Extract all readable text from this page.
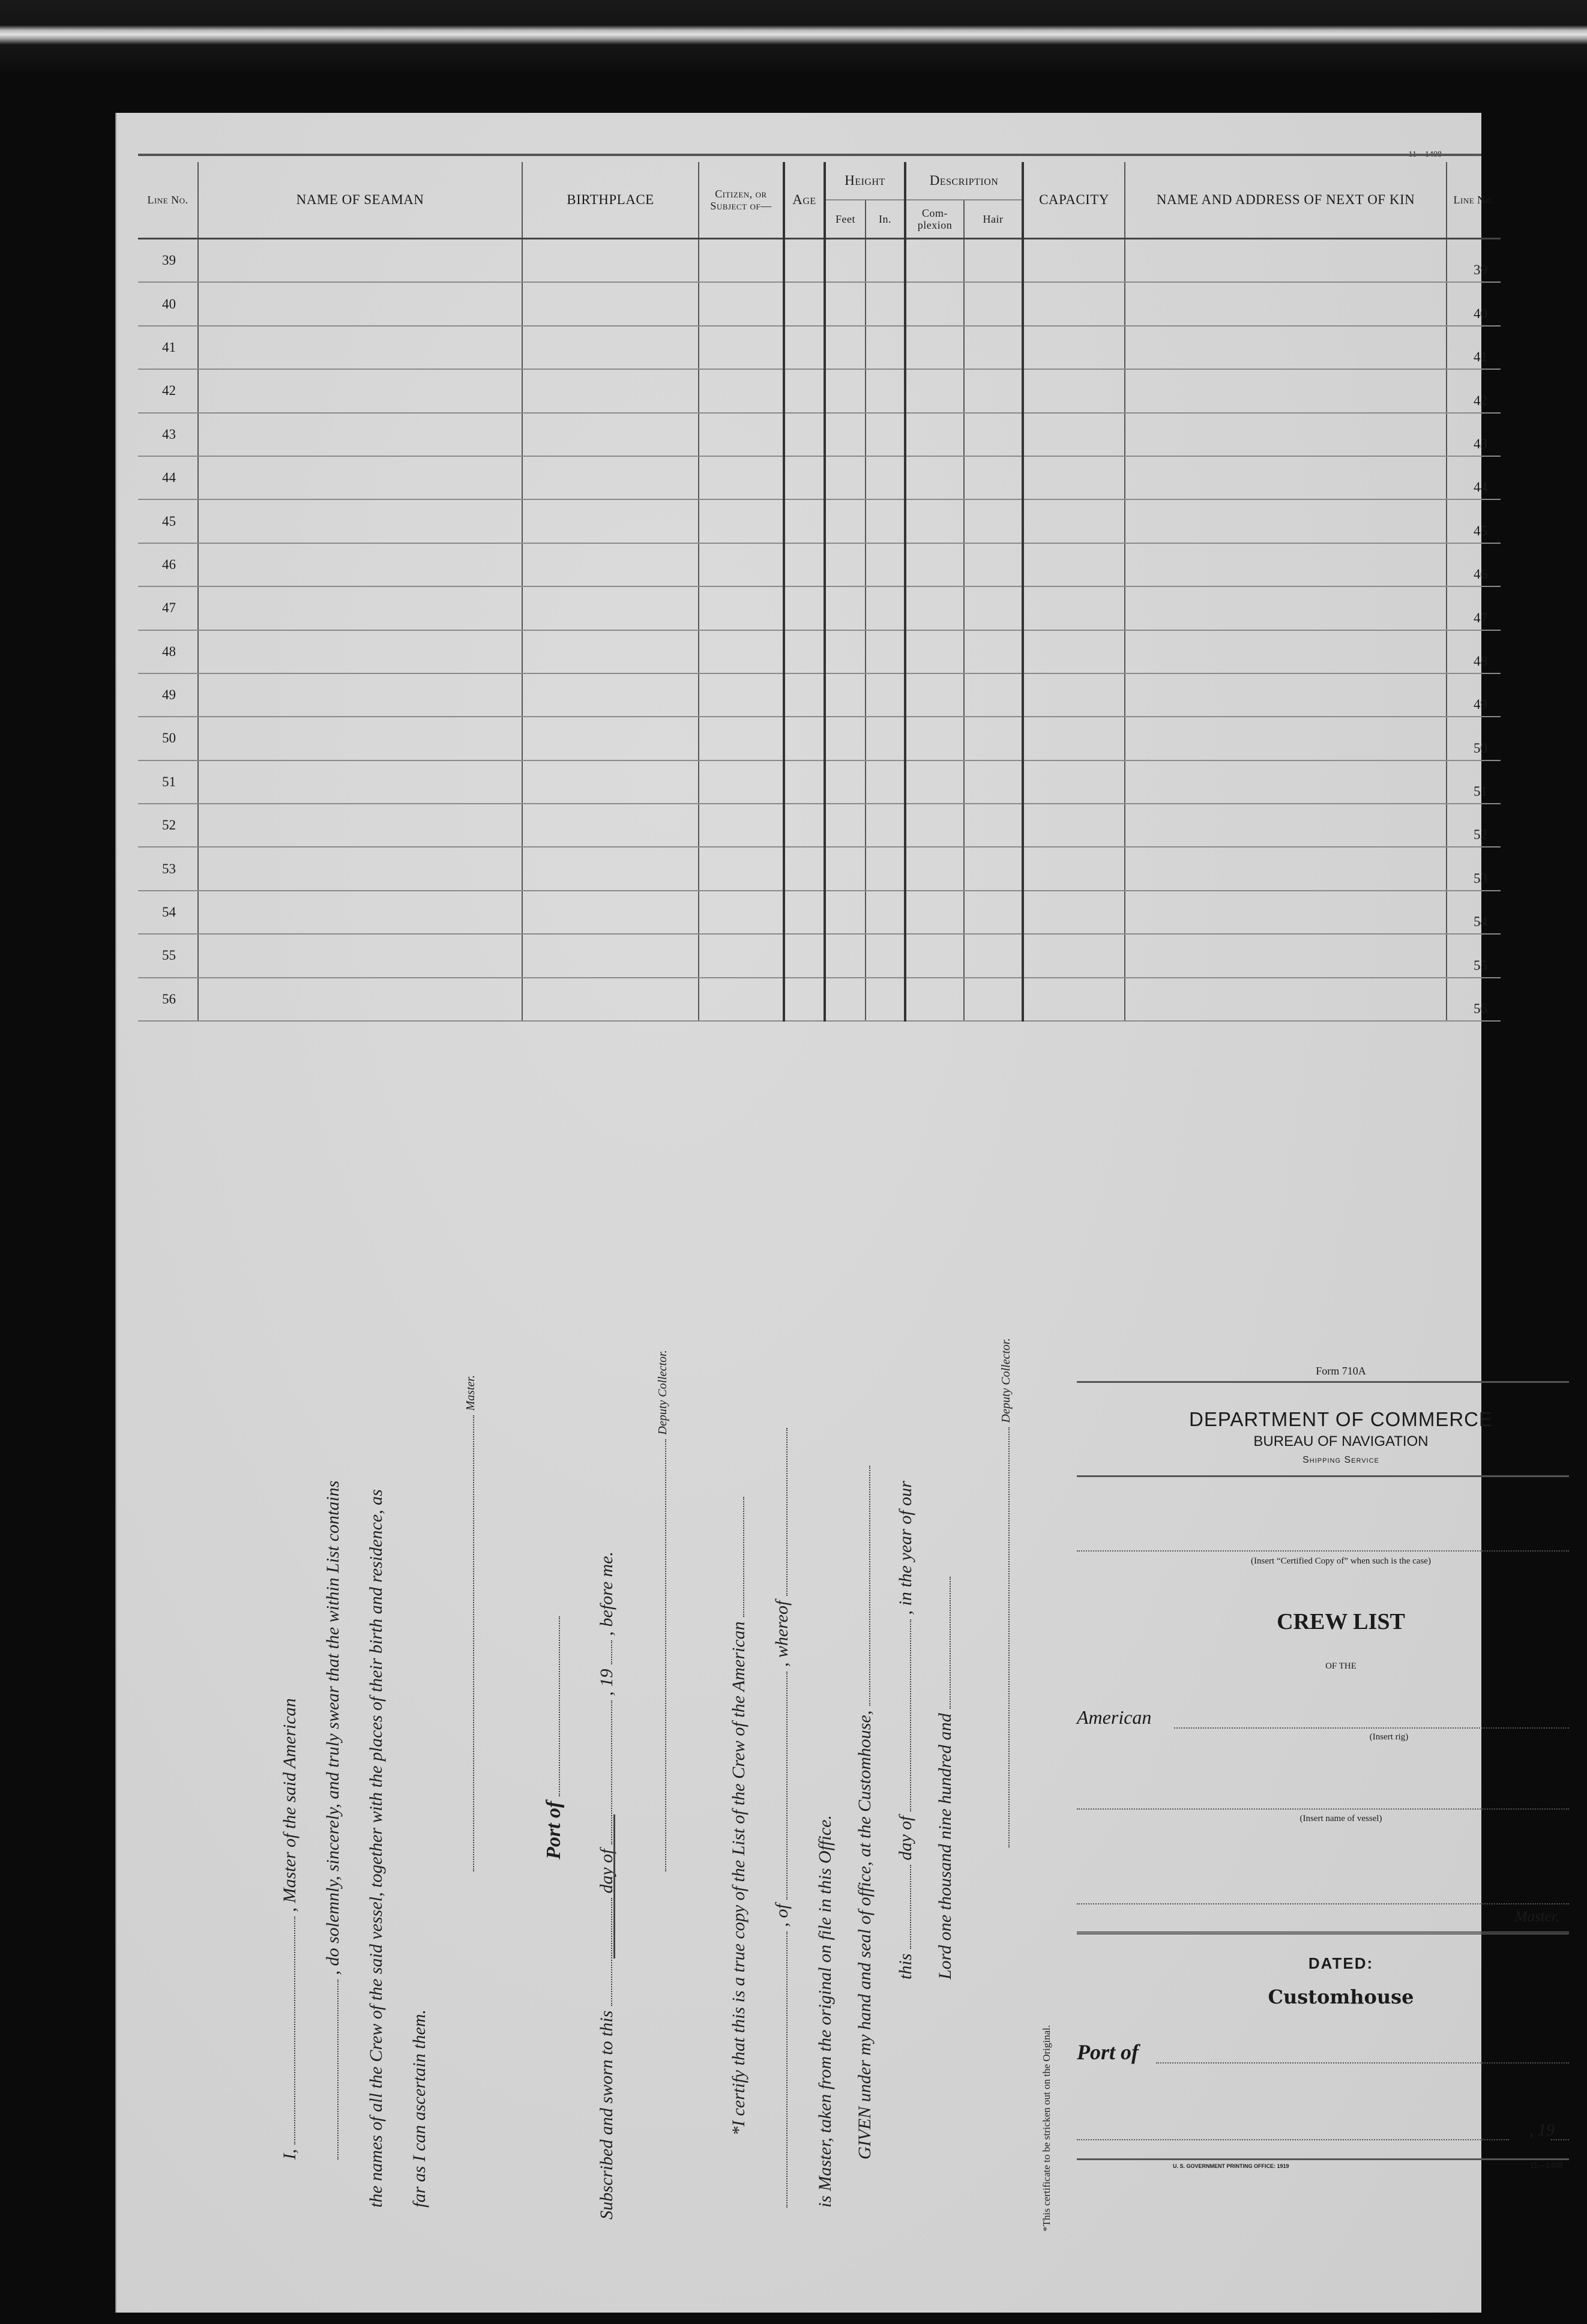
11—1408
Line No.	NAME OF SEAMAN	BIRTHPLACE	Citizen, or Subject of—	Age	Height		Description		CAPACITY	NAME AND ADDRESS OF NEXT OF KIN	Line No.
					Feet	In.	Com-plexion	Hair			
39											39
40											40
41											41
42											42
43											43
44											44
45											45
46											46
47											47
48											48
49											49
50											50
51											51
52											52
53											53
54											54
55											55
56											56
I,  , Master of the said American , do solemnly, sincerely, and truly swear that the within List contains the names of all the Crew of the said vessel, together with the places of their birth and residence, as far as I can ascertain them.
Master.
Port of
Subscribed and sworn to this  day of  , 19  , before me.
Deputy Collector.
*I certify that this is a true copy of the List of the Crew of the American , of  , whereof
is Master, taken from the original on file in this Office. GIVEN under my hand and seal of office, at the Customhouse, this  day of  , in the year of our
Lord one thousand nine hundred and
Deputy Collector.
*This certificate to be stricken out on the Original.
Form 710A
DEPARTMENT OF COMMERCE
BUREAU OF NAVIGATION
Shipping Service
(Insert “Certified Copy of” when such is the case)
CREW LIST
OF THE
American
(Insert rig)
(Insert name of vessel)
Master.
DATED:
Customhouse
Port of
, 19
U. S. GOVERNMENT PRINTING OFFICE: 1919	11—1408
